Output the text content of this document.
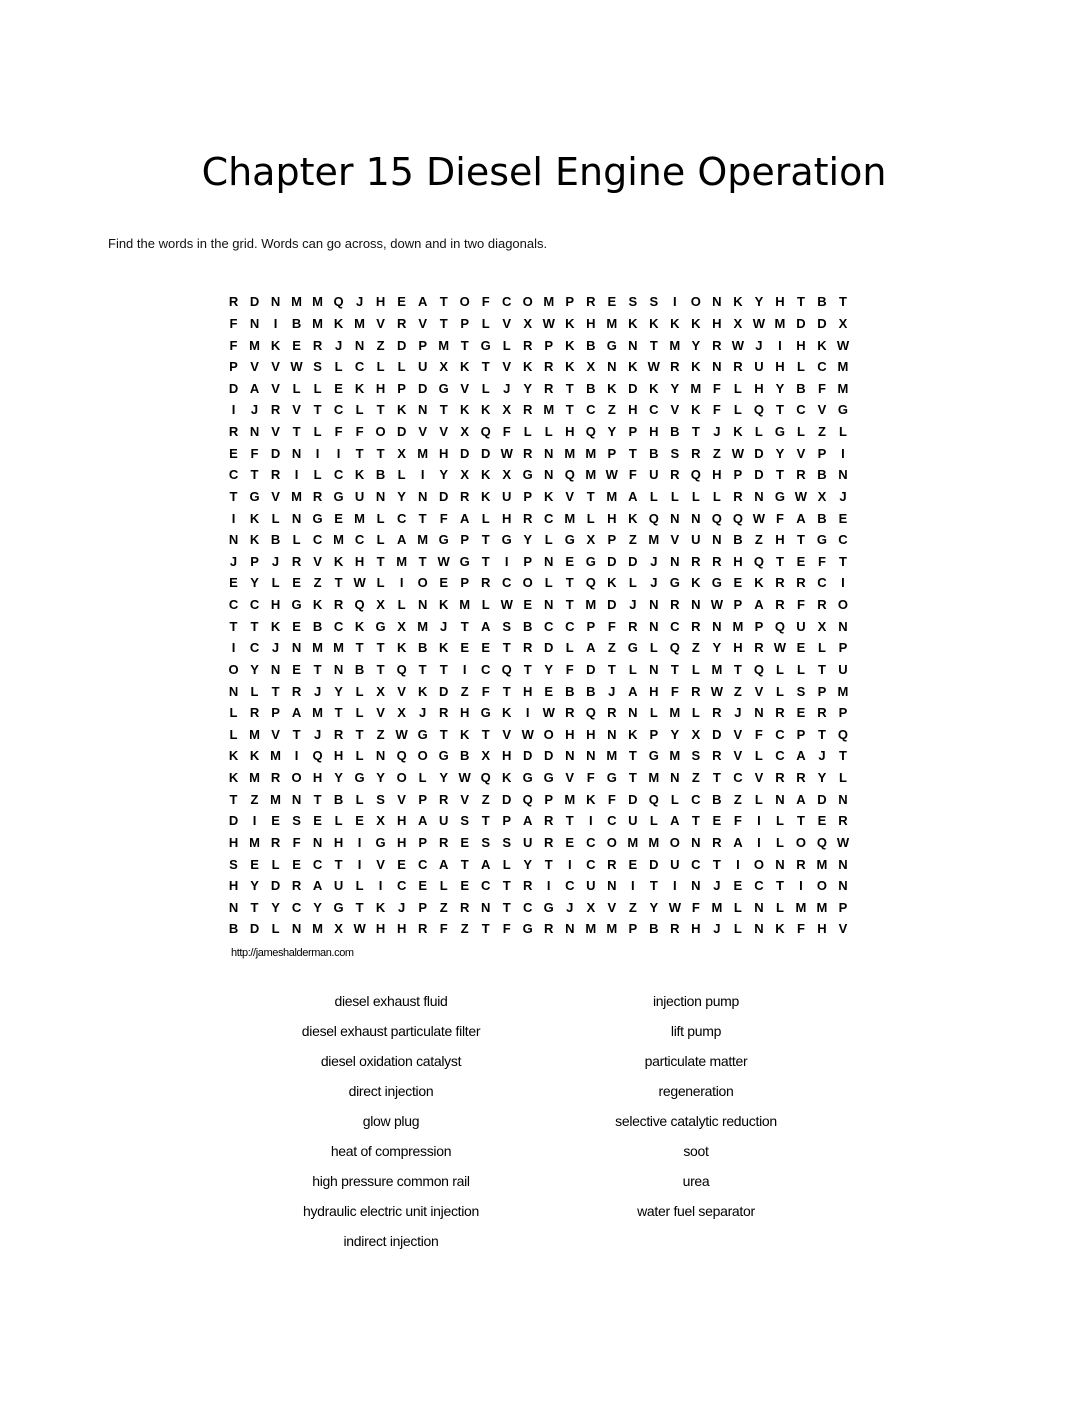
Chapter 15 Diesel Engine Operation
Find the words in the grid. Words can go across, down and in two diagonals.
R D N M M Q J H E A T O F C O M P R E S S	I	O N K Y H T B T
F N	I	B M K M V R V T P L V X W K H M K K K K H X W M D D X
F M K E R J N Z D P M T G L R P K B G N T M Y R W J	I	H K W
P V V W S L C L	L U X K T V K R K X N K W R K N R U H L C M
D A V L	L E K H P D G V L	J	Y R T B K D K Y M F	L H Y B F M
I	J R V T C L	T K N T K K X R M T C Z H C V K F	L Q T C V G
R N V T	L	F	F O D V V X Q F	L	L H Q Y P H B T	J K L G L	Z	L
E F D N	I	I	T	T X M H D D W R N M M P T B S R Z W D Y V P	I
C T R	I	L C K B L	I	Y X K X G N Q M W F U R Q H P D T R B N
T G V M R G U N Y N D R K U P K V T M A L	L	L	L R N G W X	J
I	K L N G E M L C T	F A L H R C M L H K Q N N Q Q W F A B E
N K B L C M C L A M G P T G Y L G X P Z M V U N B Z H T G C
J	P	J R V K H T M T W G T	I	P N E G D D J N R R H Q T E F	T
E Y L E Z	T W L	I	O E P R C O L	T Q K L	J G K G E K R R C	I
C C H G K R Q X L N K M L W E N T M D J N R N W P A R F R O
T	T K E B C K G X M J	T A S B C C P F R N C R N M P Q U X N
I	C J N M M T	T K B K E E T R D L A Z G L Q Z Y H R W E L P
O Y N E T N B T Q T	T	I	C Q T Y F D T	L N T	L M T Q L	L	T U
N L	T R J	Y L X V K D Z	F	T H E B B J A H F R W Z V L S P M
L R P A M T	L V X	J R H G K	I	W R Q R N L M L R J N R E R P
L M V T	J R T	Z W G T K T V W O H H N K P Y X D V F C P T Q
K K M	I	Q H L N Q O G B X H D D N N M T G M S R V L C A J	T
K M R O H Y G Y O L Y W Q K G G V F G T M N Z	T C V R R Y L
T	Z M N T B L S V P R V Z D Q P M K F D Q L C B Z	L N A D N
D	I	E S E L E X H A U S T P A R T	I	C U L A T E F	I	L	T E R
H M R F N H	I	G H P R E S S U R E C O M M O N R A	I	L O Q W
S E L E C T	I	V E C A T A L Y T	I	C R E D U C T	I	O N R M N
H Y D R A U L	I	C E L E C T R	I	C U N	I	T	I	N J	E C T	I	O N
N T Y C Y G T K J	P Z R N T C G J	X V Z Y W F M L N L M M P
B D L N M X W H H R F	Z	T	F G R N M M P B R H J	L N K F H V
http://jameshalderman.com
diesel exhaust fluid
diesel exhaust particulate filter
diesel oxidation catalyst
direct injection
glow plug
heat of compression
high pressure common rail
hydraulic electric unit injection
indirect injection
injection pump
lift pump
particulate matter
regeneration
selective catalytic reduction
soot
urea
water fuel separator
